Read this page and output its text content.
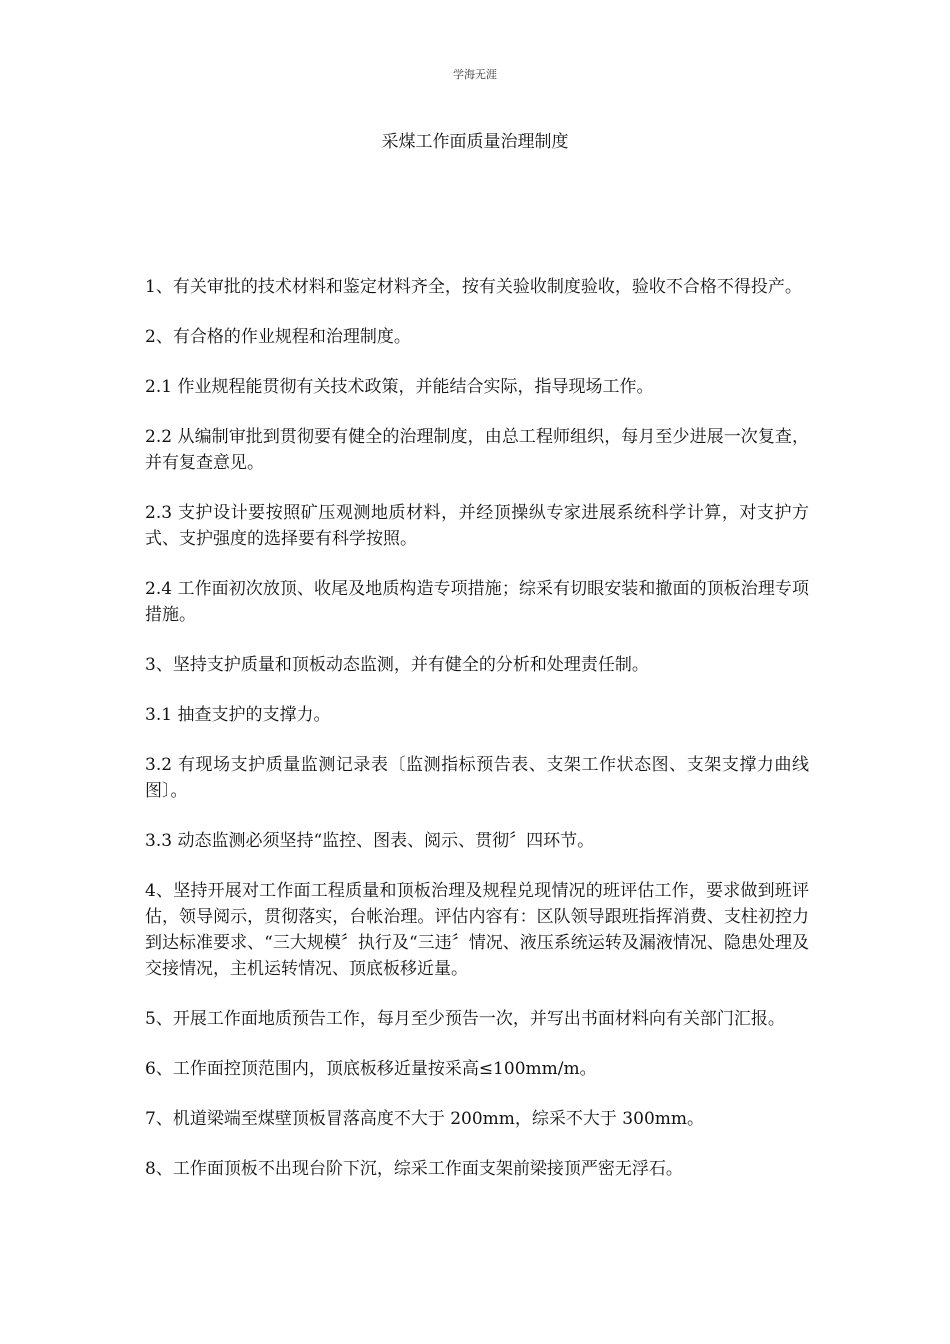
学海无涯
采煤工作面质量治理制度

1、有关审批的技术材料和鉴定材料齐全，按有关验收制度验收，验收不合格不得投产。

2、有合格的作业规程和治理制度。

2.1 作业规程能贯彻有关技术政策，并能结合实际，指导现场工作。

2.2 从编制审批到贯彻要有健全的治理制度，由总工程师组织，每月至少进展一次复查，并有复查意见。

2.3 支护设计要按照矿压观测地质材料，并经顶操纵专家进展系统科学计算，对支护方式、支护强度的选择要有科学按照。

2.4 工作面初次放顶、收尾及地质构造专项措施；综采有切眼安装和撤面的顶板治理专项措施。

3、坚持支护质量和顶板动态监测，并有健全的分析和处理责任制。

3.1 抽查支护的支撑力。

3.2 有现场支护质量监测记录表〔监测指标预告表、支架工作状态图、支架支撑力曲线图〕。

3.3 动态监测必须坚持“监控、图表、阅示、贯彻〞四环节。

4、坚持开展对工作面工程质量和顶板治理及规程兑现情况的班评估工作，要求做到班评估，领导阅示，贯彻落实，台帐治理。评估内容有：区队领导跟班指挥消费、支柱初控力到达标准要求、“三大规模〞执行及“三违〞情况、液压系统运转及漏液情况、隐患处理及交接情况，主机运转情况、顶底板移近量。

5、开展工作面地质预告工作，每月至少预告一次，并写出书面材料向有关部门汇报。

6、工作面控顶范围内，顶底板移近量按采高≤100mm/m。

7、机道梁端至煤壁顶板冒落高度不大于 200mm，综采不大于 300mm。

8、工作面顶板不出现台阶下沉，综采工作面支架前梁接顶严密无浮石。
